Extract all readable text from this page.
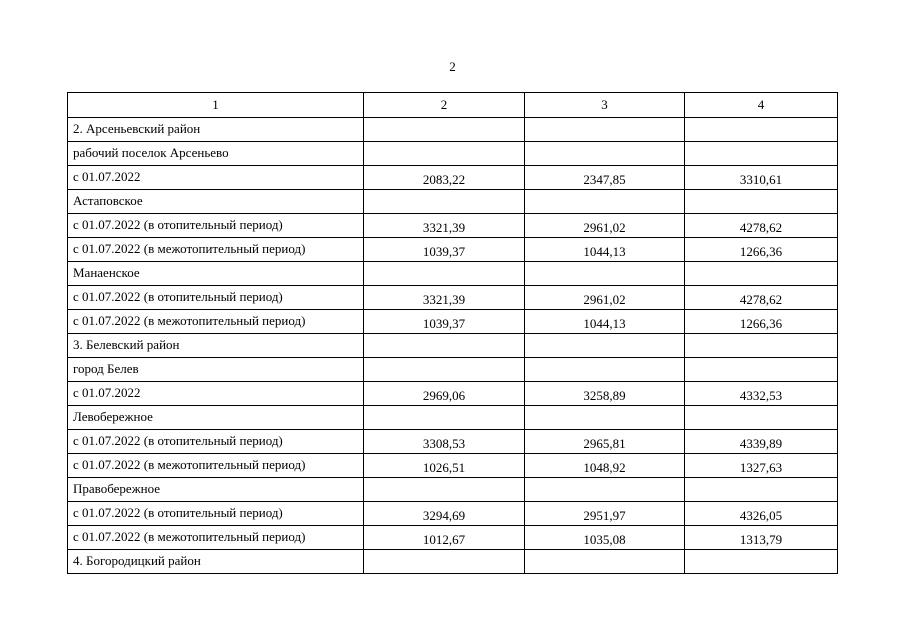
2
1	2	3	4
2. Арсеньевский район			
рабочий поселок Арсеньево			
с 01.07.2022	2083,22	2347,85	3310,61
Астаповское			
с 01.07.2022 (в отопительный период)	3321,39	2961,02	4278,62
с 01.07.2022 (в межотопительный период)	1039,37	1044,13	1266,36
Манаенское			
с 01.07.2022 (в отопительный период)	3321,39	2961,02	4278,62
с 01.07.2022 (в межотопительный период)	1039,37	1044,13	1266,36
3. Белевский район			
город Белев			
с 01.07.2022	2969,06	3258,89	4332,53
Левобережное			
с 01.07.2022 (в отопительный период)	3308,53	2965,81	4339,89
с 01.07.2022 (в межотопительный период)	1026,51	1048,92	1327,63
Правобережное			
с 01.07.2022 (в отопительный период)	3294,69	2951,97	4326,05
с 01.07.2022 (в межотопительный период)	1012,67	1035,08	1313,79
4. Богородицкий район			
